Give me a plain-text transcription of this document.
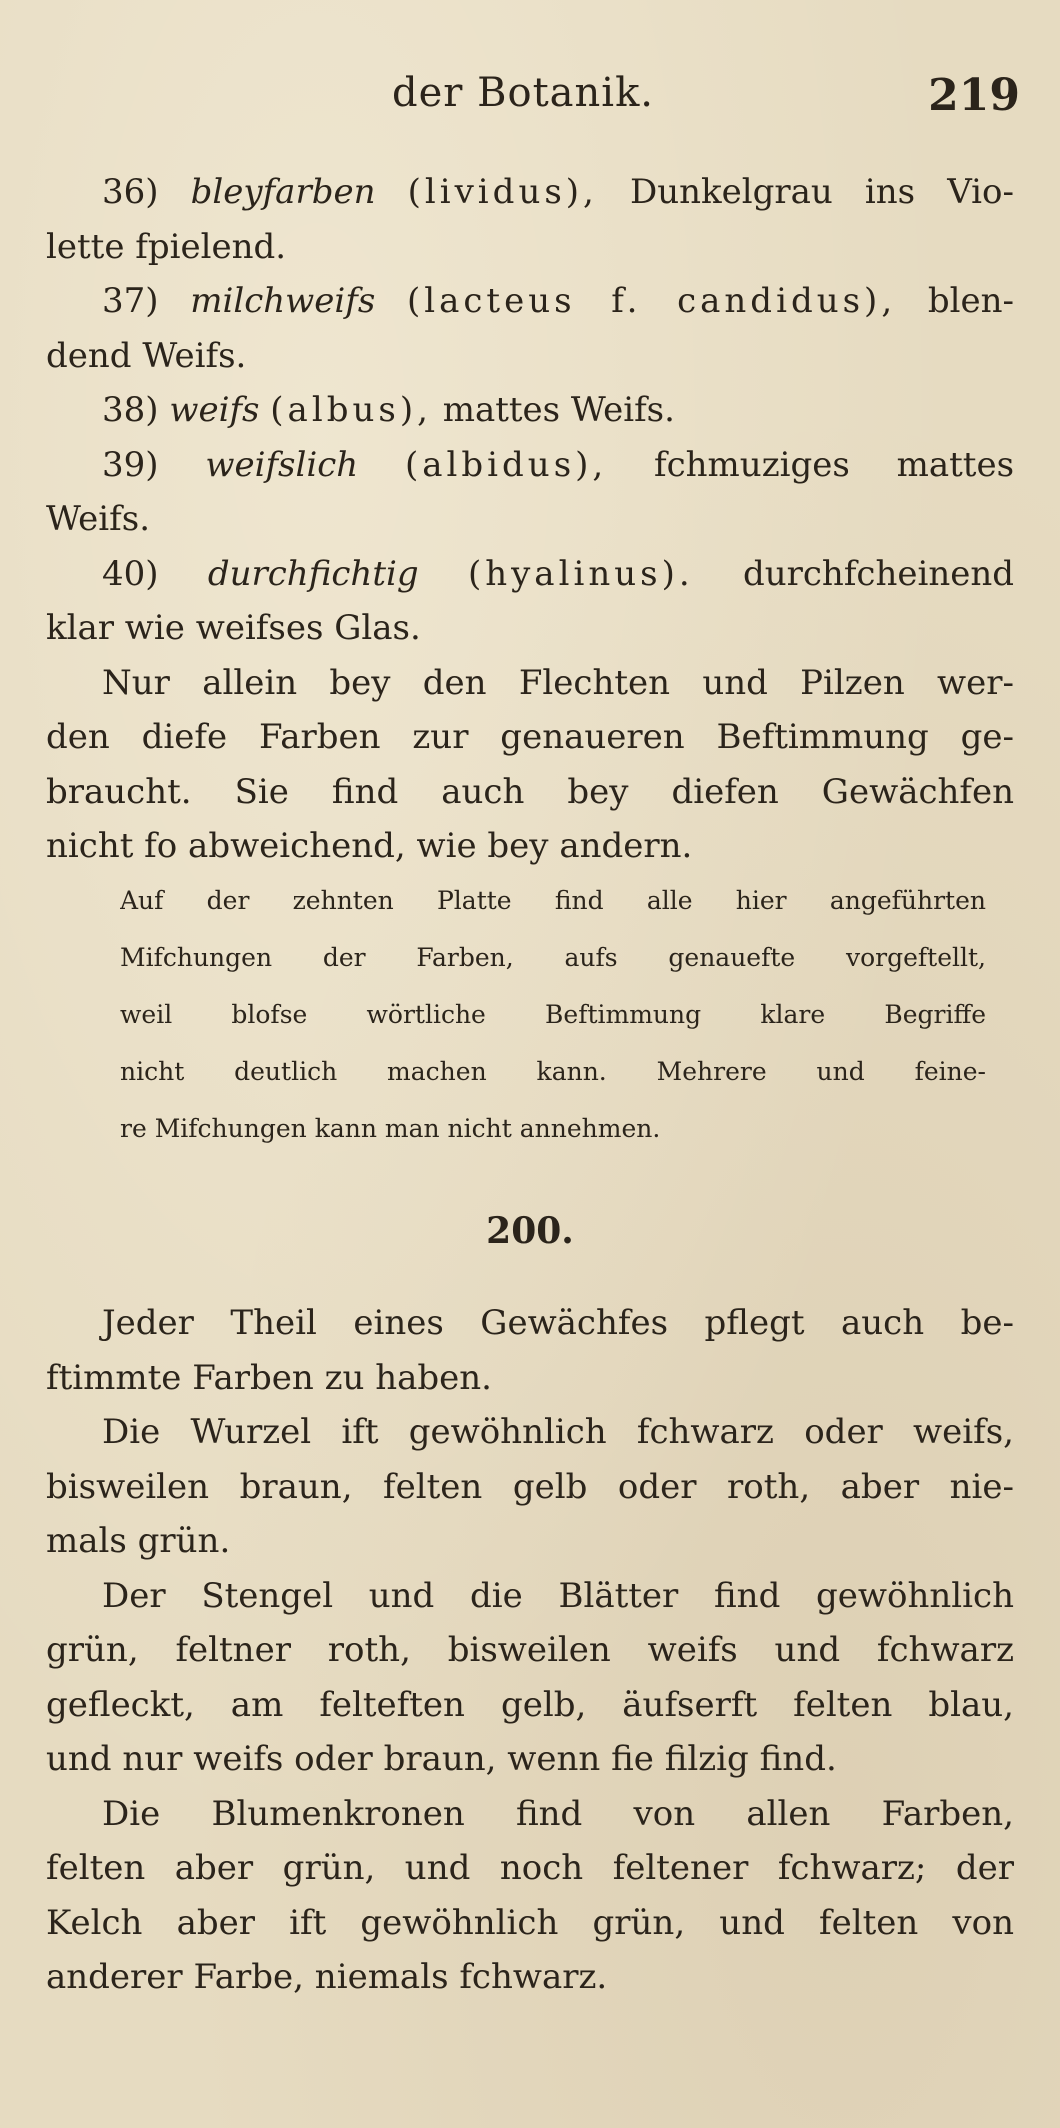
der Botanik.	219
36) bleyfarben (lividus), Dunkelgrau ins Vio-
lette fpielend.
37) milchweifs (lacteus f. candidus), blen-
dend Weifs.
38) weifs (albus), mattes Weifs.
39) weifslich (albidus), fchmuziges mattes
Weifs.
40) durchfichtig (hyalinus). durchfcheinend
klar wie weifses Glas.
Nur allein bey den Flechten und Pilzen wer-
den diefe Farben zur genaueren Beftimmung ge-
braucht. Sie find auch bey diefen Gewächfen
nicht fo abweichend, wie bey andern.
Auf der zehnten Platte find alle hier angeführten
Mifchungen der Farben, aufs genauefte vorgeftellt,
weil blofse wörtliche Beftimmung klare Begriffe
nicht deutlich machen kann. Mehrere und feine-
re Mifchungen kann man nicht annehmen.
200.
Jeder Theil eines Gewächfes pflegt auch be-
ftimmte Farben zu haben.
Die Wurzel ift gewöhnlich fchwarz oder weifs,
bisweilen braun, felten gelb oder roth, aber nie-
mals grün.
Der Stengel und die Blätter find gewöhnlich
grün, feltner roth, bisweilen weifs und fchwarz
gefleckt, am felteften gelb, äufserft felten blau,
und nur weifs oder braun, wenn fie filzig find.
Die Blumenkronen find von allen Farben,
felten aber grün, und noch feltener fchwarz; der
Kelch aber ift gewöhnlich grün, und felten von
anderer Farbe, niemals fchwarz.
